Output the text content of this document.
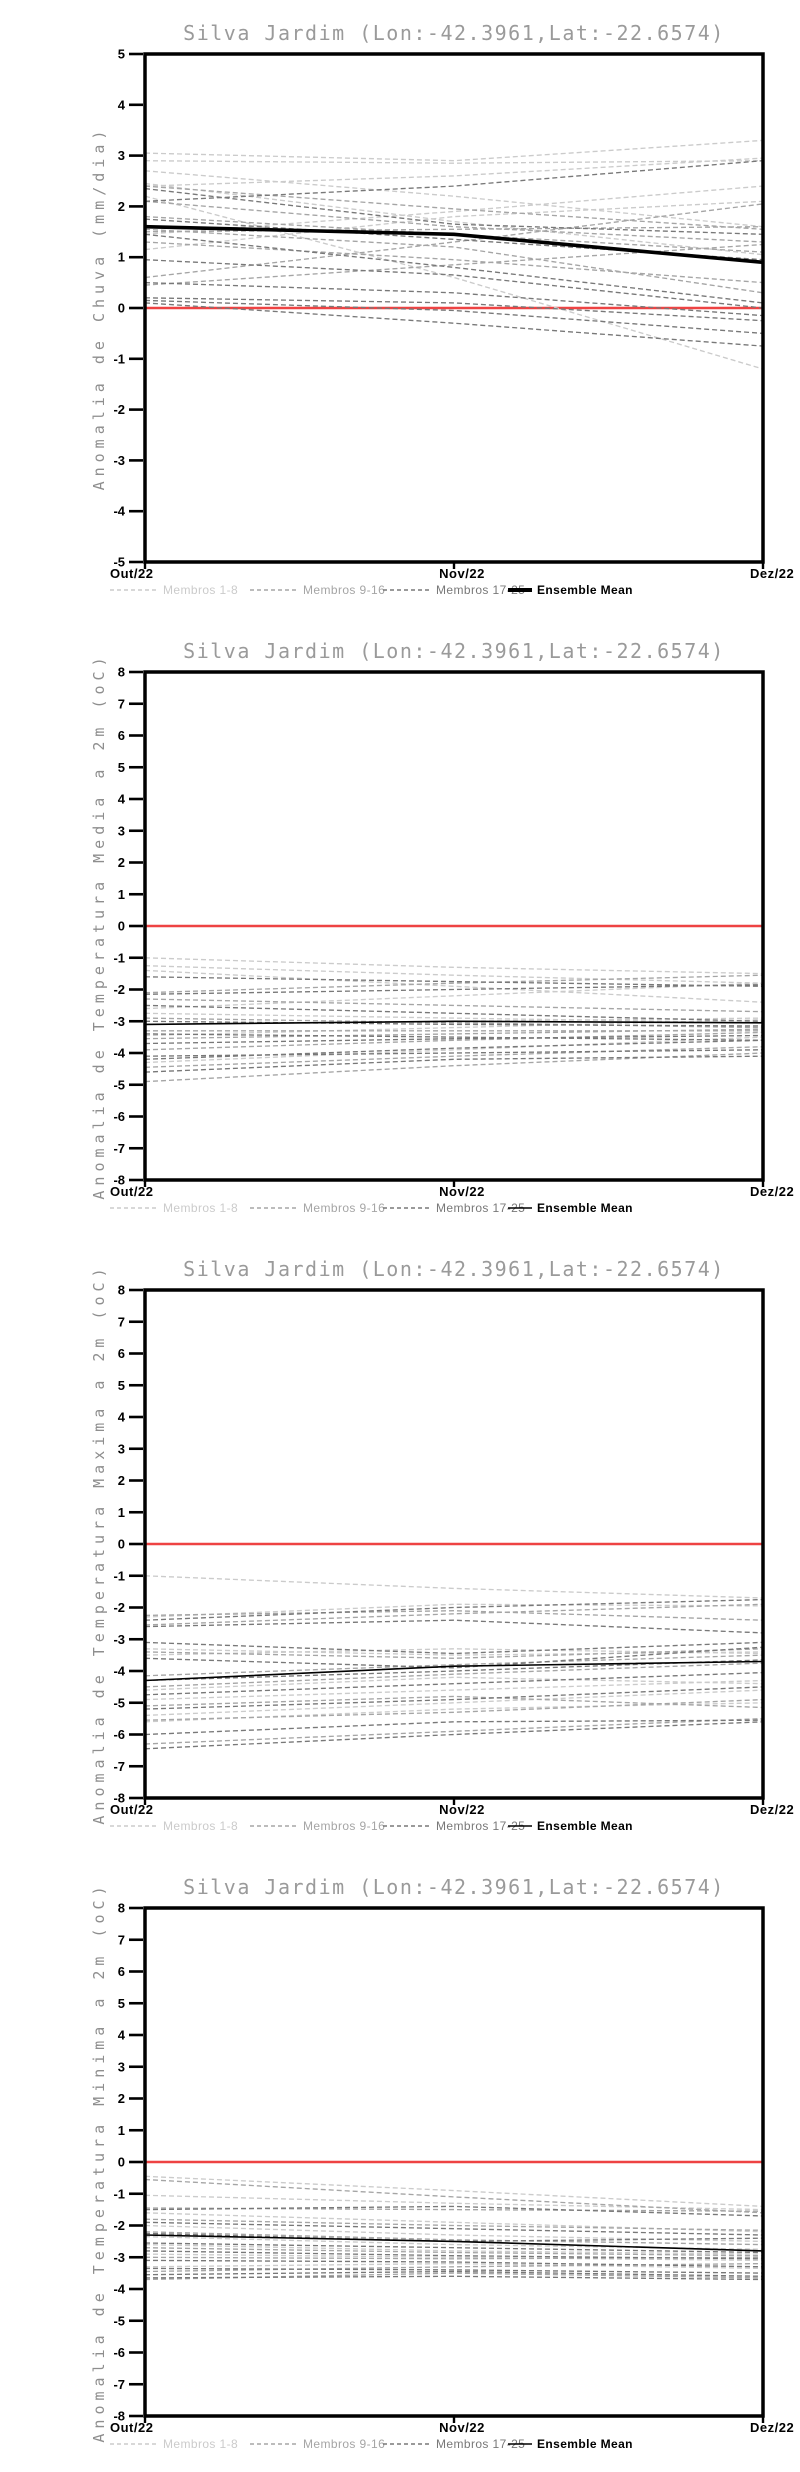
Silva Jardim (Lon:-42.3961,Lat:-22.6574)
Anomalia de Chuva (mm/dia)
5
4
3
2
1
0
-1
-2
-3
-4
-5
Out/22	Nov/22	Dez/22
Membros 1-8	Membros 9-16	Membros 17-25 Ensemble Mean
Silva Jardim (Lon:-42.3961,Lat:-22.6574)
Anomalia de Temperatura Media a 2m (oC) 8
7
6
5
4
3
2
1
0
-1
-2
-3
-4
-5
-6
-7
-8
Out/22	Nov/22	Dez/22
Membros 1-8	Membros 9-16	Membros 17-25 Ensemble Mean
Silva Jardim (Lon:-42.3961,Lat:-22.6574)
Anomalia de Temperatura Maxima a 2m (oC) 8
7
6
5
4
3
2
1
0
-1
-2
-3
-4
-5
-6
-7
-8
Out/22	Nov/22	Dez/22
Membros 1-8	Membros 9-16	Membros 17-25 Ensemble Mean
Silva Jardim (Lon:-42.3961,Lat:-22.6574)
Anomalia de Temperatura Minima a 2m (oC) 8
7
6
5
4
3
2
1
0
-1
-2
-3
-4
-5
-6
-7
-8
Out/22	Nov/22	Dez/22
Membros 1-8	Membros 9-16	Membros 17-25 Ensemble Mean
